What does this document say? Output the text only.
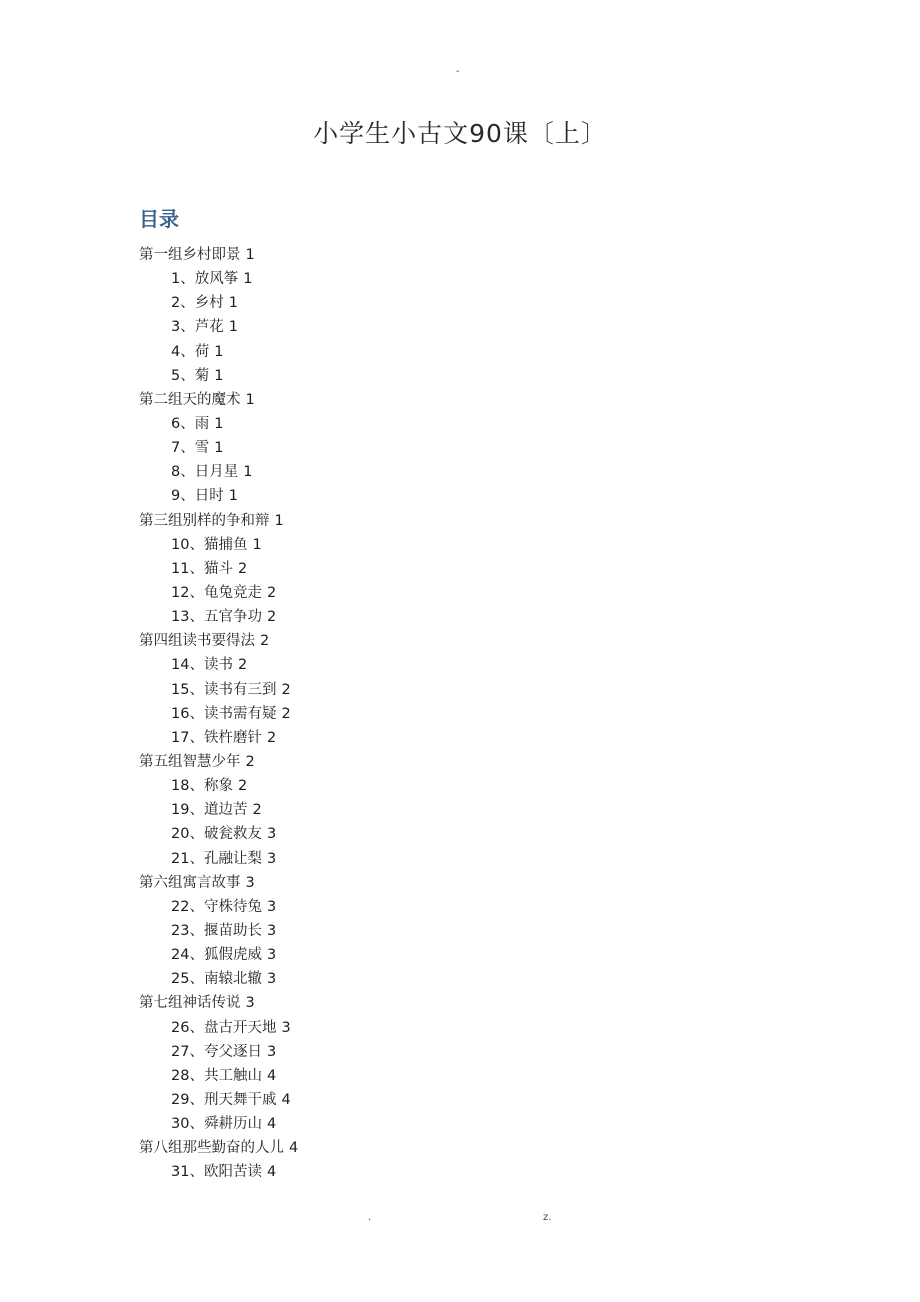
-
小学生小古文90课〔上〕
目录
第一组乡村即景 1
1、放风筝 1
2、乡村 1
3、芦花 1
4、荷 1
5、菊 1
第二组天的魔术 1
6、雨 1
7、雪 1
8、日月星 1
9、日时 1
第三组别样的争和辩 1
10、猫捕鱼 1
11、猫斗 2
12、龟兔竞走 2
13、五官争功 2
第四组读书要得法 2
14、读书 2
15、读书有三到 2
16、读书需有疑 2
17、铁杵磨针 2
第五组智慧少年 2
18、称象 2
19、道边苦 2
20、破瓮救友 3
21、孔融让梨 3
第六组寓言故事 3
22、守株待兔 3
23、揠苗助长 3
24、狐假虎威 3
25、南辕北辙 3
第七组神话传说 3
26、盘古开天地 3
27、夸父逐日 3
28、共工触山 4
29、刑天舞干戚 4
30、舜耕历山 4
第八组那些勤奋的人儿 4
31、欧阳苦读 4
.	z.
